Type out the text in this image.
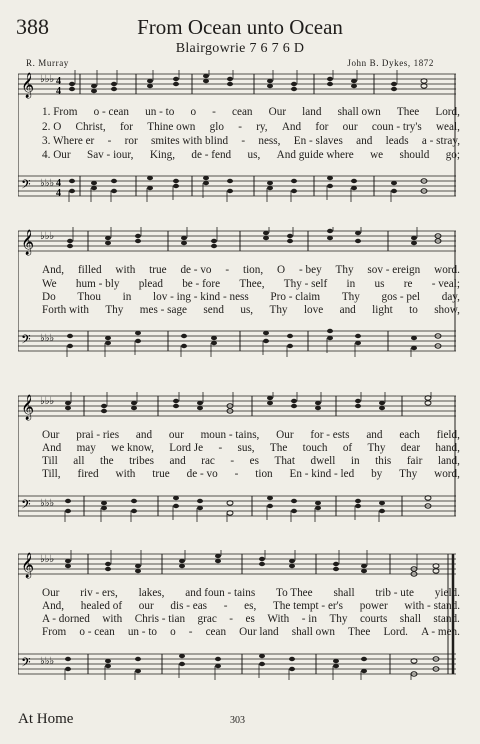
388	From Ocean unto Ocean
Blairgowrie 7 6 7 6 D
R. Murray	John B. Dykes, 1872
𝄞
𝄢
♭♭♭
♭♭♭
4
4
4
4
1. From o - cean un - to o - cean Our land shall own Thee Lord,
2. O Christ, for Thine own glo - ry, And for our coun - try's weal,
3. Where er - ror smites with blind - ness, En - slaves and leads a - stray,
4. Our Sav - iour, King, de - fend us, And guide where we should go;
𝄞
𝄢
♭♭♭
♭♭♭
And, filled with true de - vo - tion, O - bey Thy sov - ereign word.
We hum - bly plead be - fore Thee, Thy - self in us re - veal;
Do Thou in lov - ing - kind - ness Pro - claim Thy gos - pel day,
Forth with Thy mes - sage send us, Thy love and light to show,
𝄞
𝄢
♭♭♭
♭♭♭
Our prai - ries and our moun - tains, Our for - ests and each field,
And may we know, Lord Je - sus, The touch of Thy dear hand,
Till all the tribes and rac - es That dwell in this fair land,
Till, fired with true de - vo - tion En - kind - led by Thy word,
𝄞
𝄢
♭♭♭
♭♭♭
Our riv - ers, lakes, and foun - tains To Thee shall trib - ute yield.
And, healed of our dis - eas - es, The tempt - er's power with - stand.
A - dorned with Chris - tian grac - es With - in Thy courts shall stand.
From o - cean un - to o - cean Our land shall own Thee Lord. A - men.
At Home	303
